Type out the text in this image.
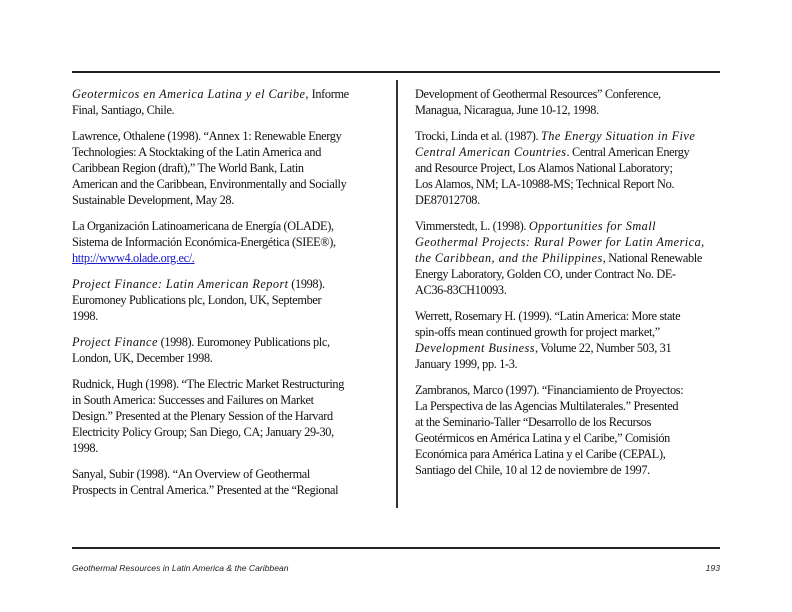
Geotermicos en America Latina y el Caribe, Informe
Final, Santiago, Chile.
Lawrence, Othalene (1998). “Annex 1: Renewable Energy
Technologies: A Stocktaking of the Latin America and
Caribbean Region (draft),” The World Bank, Latin
American and the Caribbean, Environmentally and Socially
Sustainable Development, May 28.
La Organización Latinoamericana de Energía (OLADE),
Sistema de Información Económica-Energética (SIEE®),
http://www4.olade.org.ec/.
Project Finance: Latin American Report (1998).
Euromoney Publications plc, London, UK, September
1998.
Project Finance (1998). Euromoney Publications plc,
London, UK, December 1998.
Rudnick, Hugh (1998). “The Electric Market Restructuring
in South America: Successes and Failures on Market
Design.” Presented at the Plenary Session of the Harvard
Electricity Policy Group; San Diego, CA; January 29-30,
1998.
Sanyal, Subir (1998). “An Overview of Geothermal
Prospects in Central America.” Presented at the “Regional
Development of Geothermal Resources” Conference,
Managua, Nicaragua, June 10-12, 1998.
Trocki, Linda et al. (1987). The Energy Situation in Five
Central American Countries. Central American Energy
and Resource Project, Los Alamos National Laboratory;
Los Alamos, NM; LA-10988-MS; Technical Report No.
DE87012708.
Vimmerstedt, L. (1998). Opportunities for Small
Geothermal Projects: Rural Power for Latin America,
the Caribbean, and the Philippines, National Renewable
Energy Laboratory, Golden CO, under Contract No. DE-
AC36-83CH10093.
Werrett, Rosemary H. (1999). “Latin America: More state
spin-offs mean continued growth for project market,”
Development Business, Volume 22, Number 503, 31
January 1999, pp. 1-3.
Zambranos, Marco (1997). “Financiamiento de Proyectos:
La Perspectiva de las Agencias Multilaterales.” Presented
at the Seminario-Taller “Desarrollo de los Recursos
Geotérmicos en América Latina y el Caribe,” Comisión
Económica para América Latina y el Caribe (CEPAL),
Santiago del Chile, 10 al 12 de noviembre de 1997.
Geothermal Resources in Latin America & the Caribbean	193
